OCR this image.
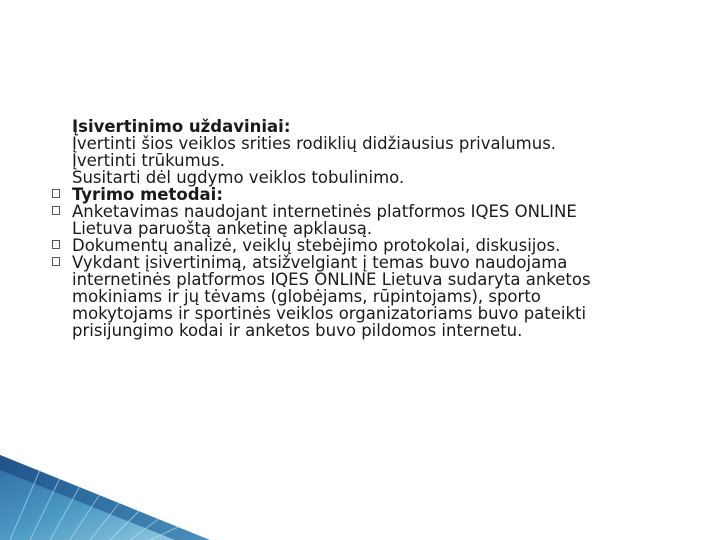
Įsivertinimo uždaviniai:
Įvertinti šios veiklos srities rodiklių didžiausius privalumus.
Įvertinti trūkumus.
Susitarti dėl ugdymo veiklos tobulinimo.
Tyrimo metodai:
Anketavimas naudojant internetinės platformos IQES ONLINE
Lietuva paruoštą anketinę apklausą.
Dokumentų analizė, veiklų stebėjimo protokolai, diskusijos.
Vykdant įsivertinimą, atsižvelgiant į temas buvo naudojama
internetinės platformos IQES ONLINE Lietuva sudaryta anketos
mokiniams ir jų tėvams (globėjams, rūpintojams), sporto
mokytojams ir sportinės veiklos organizatoriams buvo pateikti
prisijungimo kodai ir anketos buvo pildomos internetu.
